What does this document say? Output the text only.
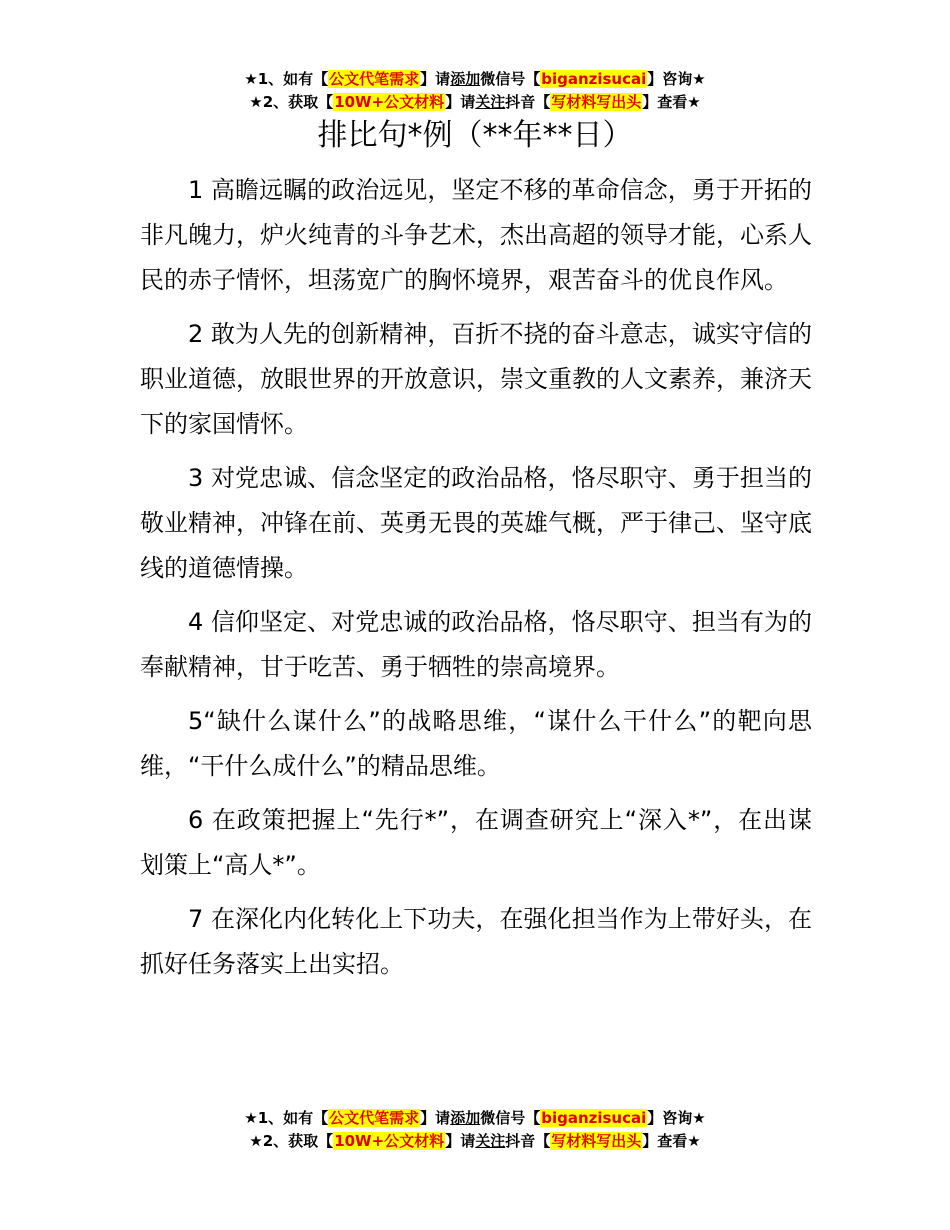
★1、如有【公文代笔需求】请添加微信号【biganzisucai】咨询★
★2、获取【10W+公文材料】请关注抖音【写材料写出头】查看★
排比句*例（**年**日）

1 高瞻远瞩的政治远见，坚定不移的革命信念，勇于开拓的非凡魄力，炉火纯青的斗争艺术，杰出高超的领导才能，心系人民的赤子情怀，坦荡宽广的胸怀境界，艰苦奋斗的优良作风。

2 敢为人先的创新精神，百折不挠的奋斗意志，诚实守信的职业道德，放眼世界的开放意识，崇文重教的人文素养，兼济天下的家国情怀。

3 对党忠诚、信念坚定的政治品格，恪尽职守、勇于担当的敬业精神，冲锋在前、英勇无畏的英雄气概，严于律己、坚守底线的道德情操。

4 信仰坚定、对党忠诚的政治品格，恪尽职守、担当有为的奉献精神，甘于吃苦、勇于牺牲的崇高境界。

5“缺什么谋什么”的战略思维，“谋什么干什么”的靶向思维，“干什么成什么”的精品思维。

6 在政策把握上“先行*”，在调查研究上“深入*”，在出谋划策上“高人*”。

7 在深化内化转化上下功夫，在强化担当作为上带好头，在抓好任务落实上出实招。

★1、如有【公文代笔需求】请添加微信号【biganzisucai】咨询★
★2、获取【10W+公文材料】请关注抖音【写材料写出头】查看★
